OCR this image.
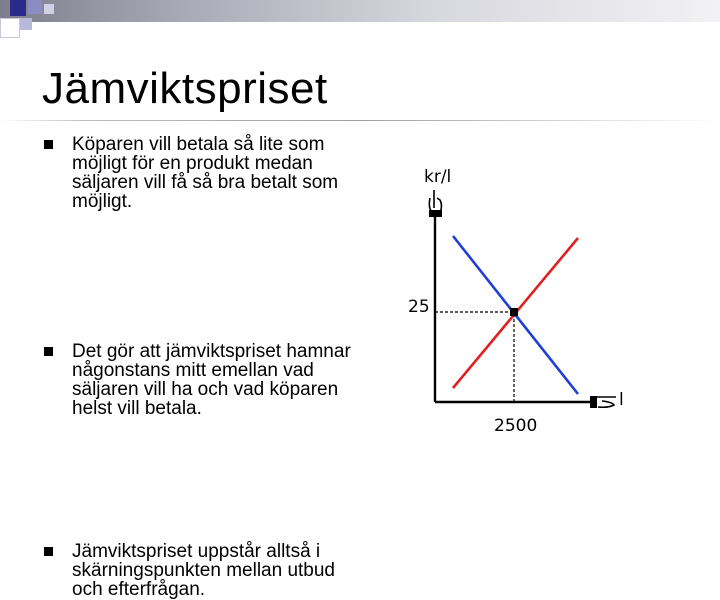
Jämviktspriset
Köparen vill betala så lite som möjligt för en produkt medan säljaren vill få så bra betalt som möjligt.
Det gör att jämviktspriset hamnar någonstans mitt emellan vad säljaren vill ha och vad köparen helst vill betala.
Jämviktspriset uppstår alltså i skärningspunkten mellan utbud och efterfrågan.
kr/l
l
25
2500
